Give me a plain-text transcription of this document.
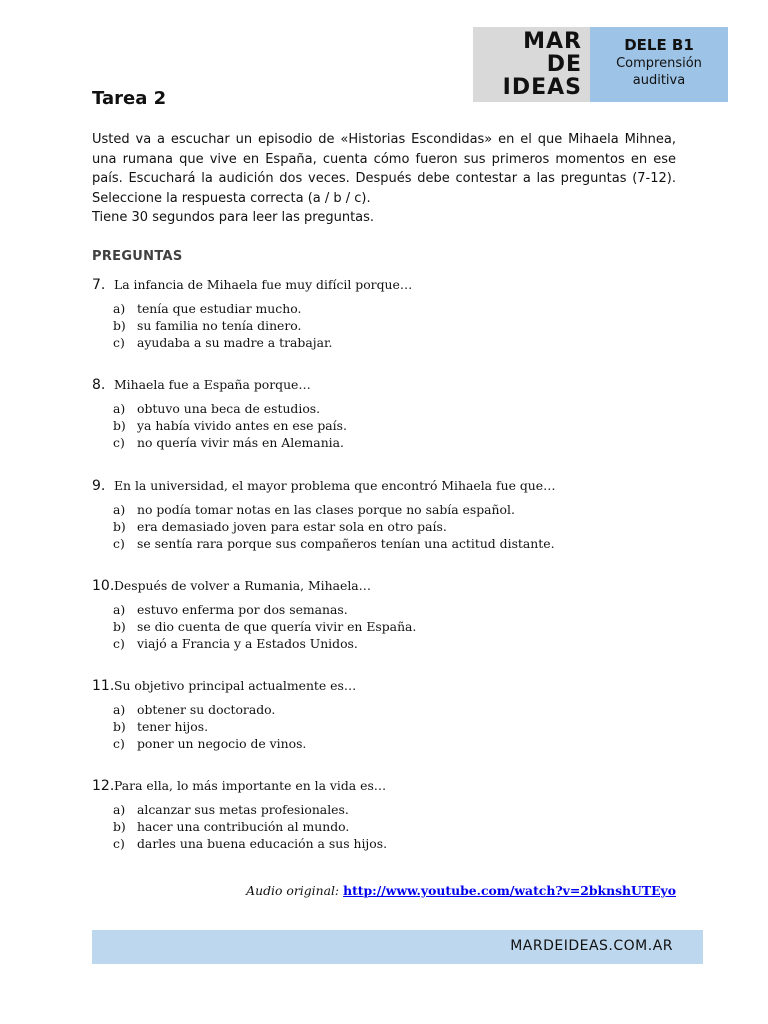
MAR
DE
IDEAS
DELE B1
Comprensión
auditiva
Tarea 2

Usted va a escuchar un episodio de «Historias Escondidas» en el que Mihaela Mihnea, una rumana que vive en España, cuenta cómo fueron sus primeros momentos en ese país. Escuchará la audición dos veces. Después debe contestar a las preguntas (7-12). Seleccione la respuesta correcta (a / b / c).

Tiene 30 segundos para leer las preguntas.
PREGUNTAS
7. La infancia de Mihaela fue muy difícil porque…
a) tenía que estudiar mucho.
b) su familia no tenía dinero.
c) ayudaba a su madre a trabajar.
8. Mihaela fue a España porque…
a) obtuvo una beca de estudios.
b) ya había vivido antes en ese país.
c) no quería vivir más en Alemania.
9. En la universidad, el mayor problema que encontró Mihaela fue que…
a) no podía tomar notas en las clases porque no sabía español.
b) era demasiado joven para estar sola en otro país.
c) se sentía rara porque sus compañeros tenían una actitud distante.
10. Después de volver a Rumania, Mihaela…
a) estuvo enferma por dos semanas.
b) se dio cuenta de que quería vivir en España.
c) viajó a Francia y a Estados Unidos.
11. Su objetivo principal actualmente es…
a) obtener su doctorado.
b) tener hijos.
c) poner un negocio de vinos.
12. Para ella, lo más importante en la vida es…
a) alcanzar sus metas profesionales.
b) hacer una contribución al mundo.
c) darles una buena educación a sus hijos.
Audio original: http://www.youtube.com/watch?v=2bknshUTEyo
MARDEIDEAS.COM.AR
